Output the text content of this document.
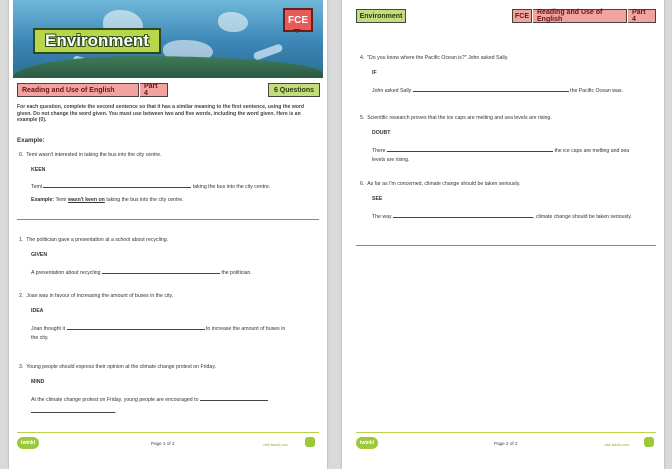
Environment
FCE
Reading and Use of English	Part 4	6 Questions
For each question, complete the second sentence so that it has a similar meaning to the first sentence, using the word given. Do not change the word given. You must use between two and five words, including the word given. Here is an example (0).
Example:
0. Temi wasn't interested in taking the bus into the city centre.
KEEN
Temi	taking the bus into the city centre.
Example: Temi wasn't keen on taking the bus into the city centre.
1. The politician gave a presentation at a school about recycling.
GIVEN
A presentation about recycling	the politician.
2. Joan was in favour of increasing the amount of buses in the city.
IDEA
Joan thought it	to increase the amount of buses in
the city.
3. Young people should express their opinion at the climate change protest on Friday.
MIND
At the climate change protest on Friday, young people are encouraged to
.
twinkl	Page 1 of 2	visit twinkl.com
Environment	FCE Reading and Use of English
Part 4
4. "Do you know where the Pacific Ocean is?" John asked Sally.
IF
John asked Sally	the Pacific Ocean was.
5. Scientific research proves that the ice caps are melting and sea levels are rising.
DOUBT
There	the ice caps are melting and sea
levels are rising.
6. As far as I'm concerned, climate change should be taken seriously.
SEE
The way	, climate change should be taken seriously.
twinkl	Page 2 of 2	visit twinkl.com
